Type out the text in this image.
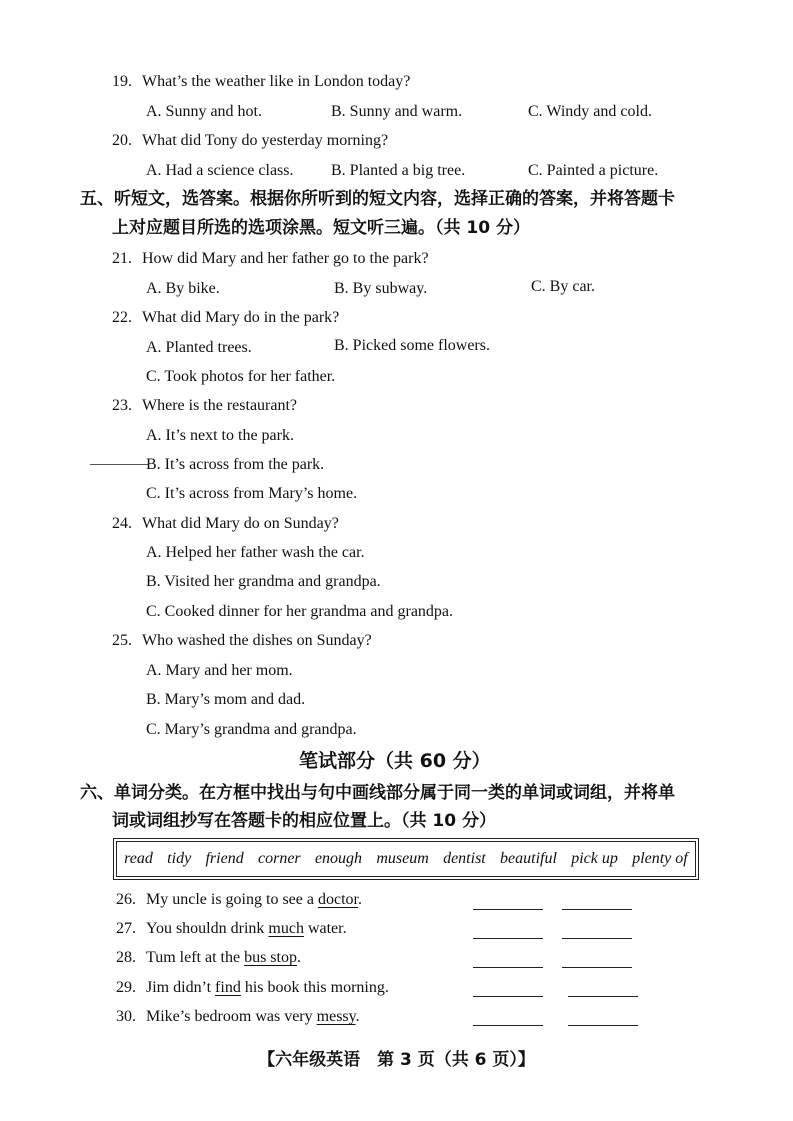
19. What’s the weather like in London today?
A. Sunny and hot.	B. Sunny and warm.	C. Windy and cold.
20. What did Tony do yesterday morning?
A. Had a science class. B. Planted a big tree.	C. Painted a picture.
五、听短文，选答案。根据你所听到的短文内容，选择正确的答案，并将答题卡
上对应题目所选的选项涂黑。短文听三遍。（共 10 分）
21. How did Mary and her father go to the park?
A. By bike.	B. By subway.	C. By car.
22. What did Mary do in the park?
A. Planted trees.	B. Picked some flowers.
C. Took photos for her father.
23. Where is the restaurant?
A. It’s next to the park.
B. It’s across from the park.
C. It’s across from Mary’s home.
24. What did Mary do on Sunday?
A. Helped her father wash the car.
B. Visited her grandma and grandpa.
C. Cooked dinner for her grandma and grandpa.
25. Who washed the dishes on Sunday?
A. Mary and her mom.
B. Mary’s mom and dad.
C. Mary’s grandma and grandpa.
笔试部分（共 60 分）
六、单词分类。在方框中找出与句中画线部分属于同一类的单词或词组，并将单
词或词组抄写在答题卡的相应位置上。（共 10 分）
read tidy friend corner enough museum dentist beautiful pick up plenty of
26. My uncle is going to see a doctor.
27. You shouldn drink much water.
28. Tum left at the bus stop.
29. Jim didn’t find his book this morning.
30. Mike’s bedroom was very messy.
【六年级英语　第 3 页（共 6 页）】
